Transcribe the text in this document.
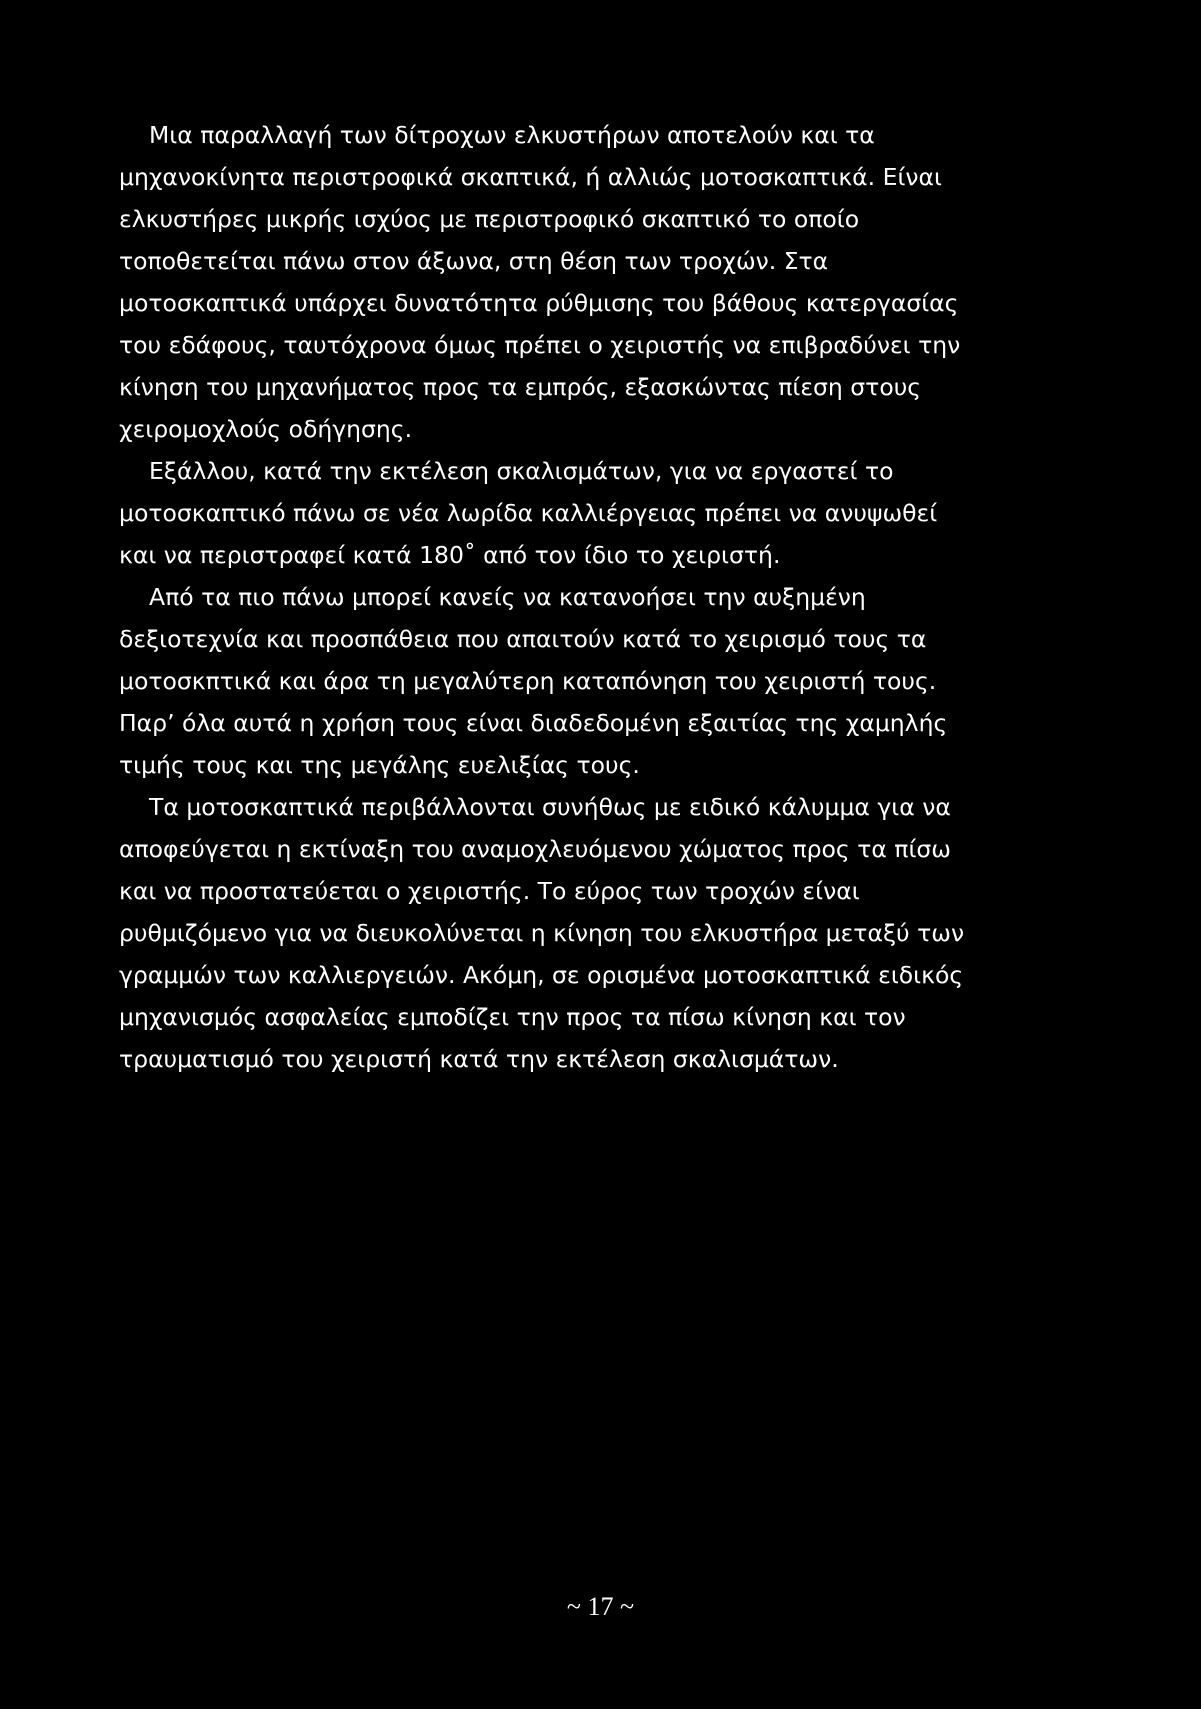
Μια παραλλαγή των δίτροχων ελκυστήρων αποτελούν και τα
μηχανοκίνητα περιστροφικά σκαπτικά, ή αλλιώς μοτοσκαπτικά. Είναι
ελκυστήρες μικρής ισχύος με περιστροφικό σκαπτικό το οποίο
τοποθετείται πάνω στον άξωνα, στη θέση των τροχών. Στα
μοτοσκαπτικά υπάρχει δυνατότητα ρύθμισης του βάθους κατεργασίας
του εδάφους, ταυτόχρονα όμως πρέπει ο χειριστής να επιβραδύνει την
κίνηση του μηχανήματος προς τα εμπρός, εξασκώντας πίεση στους
χειρομοχλούς οδήγησης.
Εξάλλου, κατά την εκτέλεση σκαλισμάτων, για να εργαστεί το
μοτοσκαπτικό πάνω σε νέα λωρίδα καλλιέργειας πρέπει να ανυψωθεί
και να περιστραφεί κατά 180˚ από τον ίδιο το χειριστή.
Από τα πιο πάνω μπορεί κανείς να κατανοήσει την αυξημένη
δεξιοτεχνία και προσπάθεια που απαιτούν κατά το χειρισμό τους τα
μοτοσκπτικά και άρα τη μεγαλύτερη καταπόνηση του χειριστή τους.
Παρ’ όλα αυτά η χρήση τους είναι διαδεδομένη εξαιτίας της χαμηλής
τιμής τους και της μεγάλης ευελιξίας τους.
Τα μοτοσκαπτικά περιβάλλονται συνήθως με ειδικό κάλυμμα για να
αποφεύγεται η εκτίναξη του αναμοχλευόμενου χώματος προς τα πίσω
και να προστατεύεται ο χειριστής. Το εύρος των τροχών είναι
ρυθμιζόμενο για να διευκολύνεται η κίνηση του ελκυστήρα μεταξύ των
γραμμών των καλλιεργειών. Ακόμη, σε ορισμένα μοτοσκαπτικά ειδικός
μηχανισμός ασφαλείας εμποδίζει την προς τα πίσω κίνηση και τον
τραυματισμό του χειριστή κατά την εκτέλεση σκαλισμάτων.
~ 17 ~
